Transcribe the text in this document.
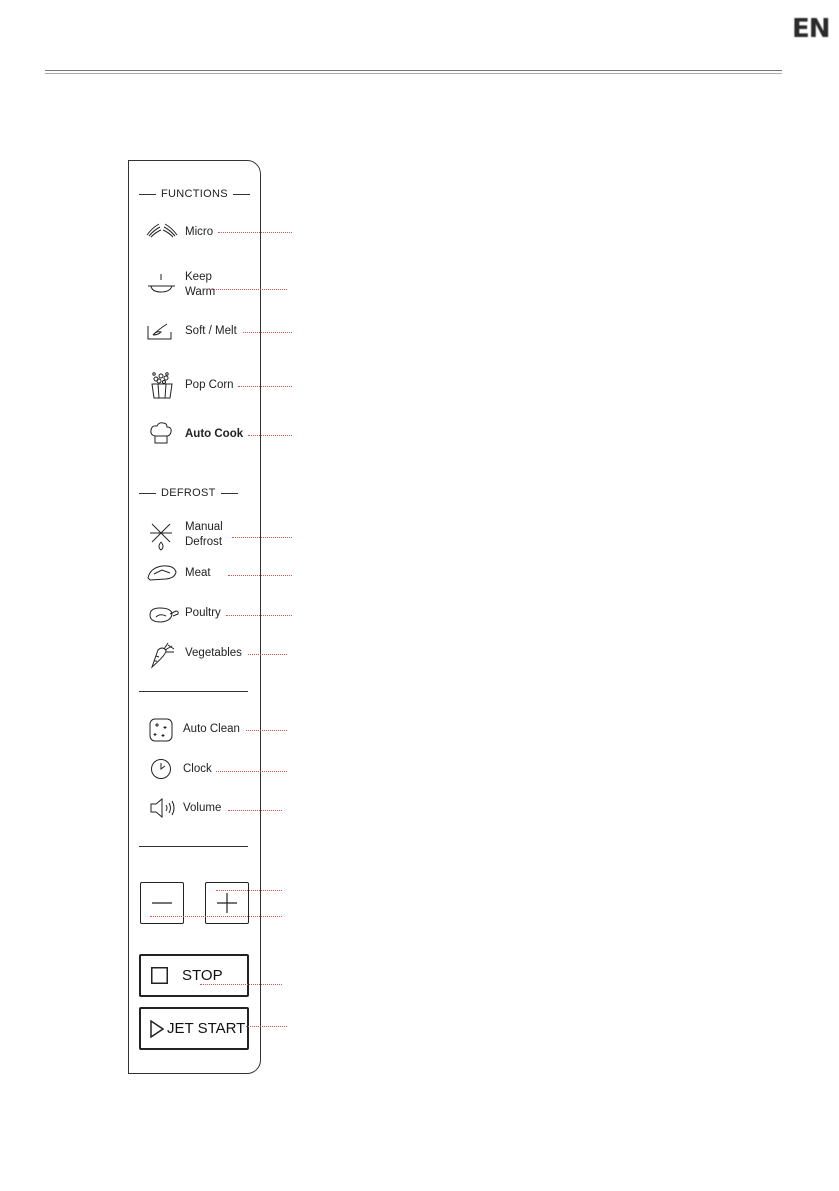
EN
FUNCTIONS
Micro
Keep
Warm
Soft / Melt
Pop Corn
Auto Cook
DEFROST
Manual
Defrost
Meat
Poultry
Vegetables
Auto Clean
Clock
Volume
STOP
JET START
